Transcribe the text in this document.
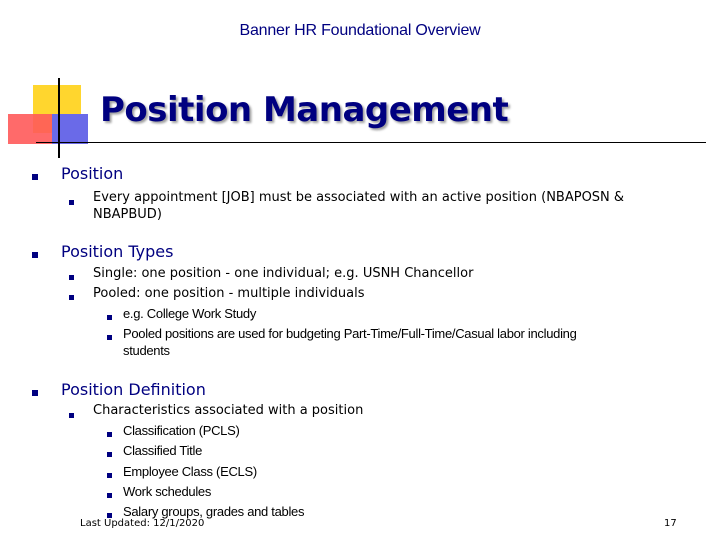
Banner HR Foundational Overview
Position Management
Position
Every appointment [JOB] must be associated with an active position (NBAPOSN &
NBAPBUD)
Position Types
Single: one position - one individual; e.g. USNH Chancellor
Pooled: one position - multiple individuals
e.g. College Work Study
Pooled positions are used for budgeting Part-Time/Full-Time/Casual labor including
students
Position Definition
Characteristics associated with a position
Classification (PCLS)
Classified Title
Employee Class (ECLS)
Work schedules
Salary groups, grades and tables
Last Updated: 12/1/2020	17
